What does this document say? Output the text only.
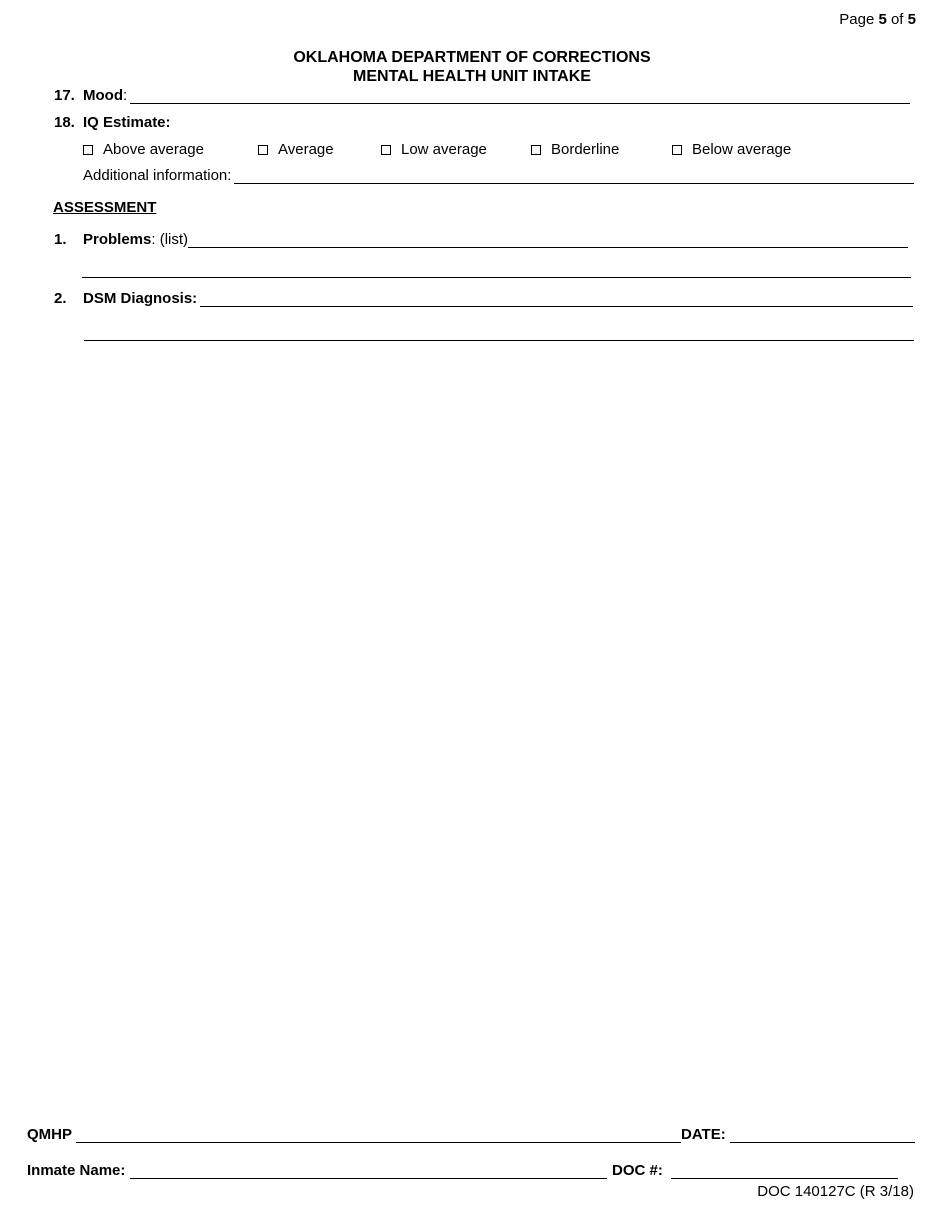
Page 5 of 5
OKLAHOMA DEPARTMENT OF CORRECTIONS
MENTAL HEALTH UNIT INTAKE
17. Mood :
18. IQ Estimate:
Above average	Average	Low average	Borderline	Below average
Additional information:
ASSESSMENT
1.	Problems : (list)
2.	DSM Diagnosis:
QMHP	DATE:
Inmate Name:	DOC #:
DOC 140127C (R 3/18)
